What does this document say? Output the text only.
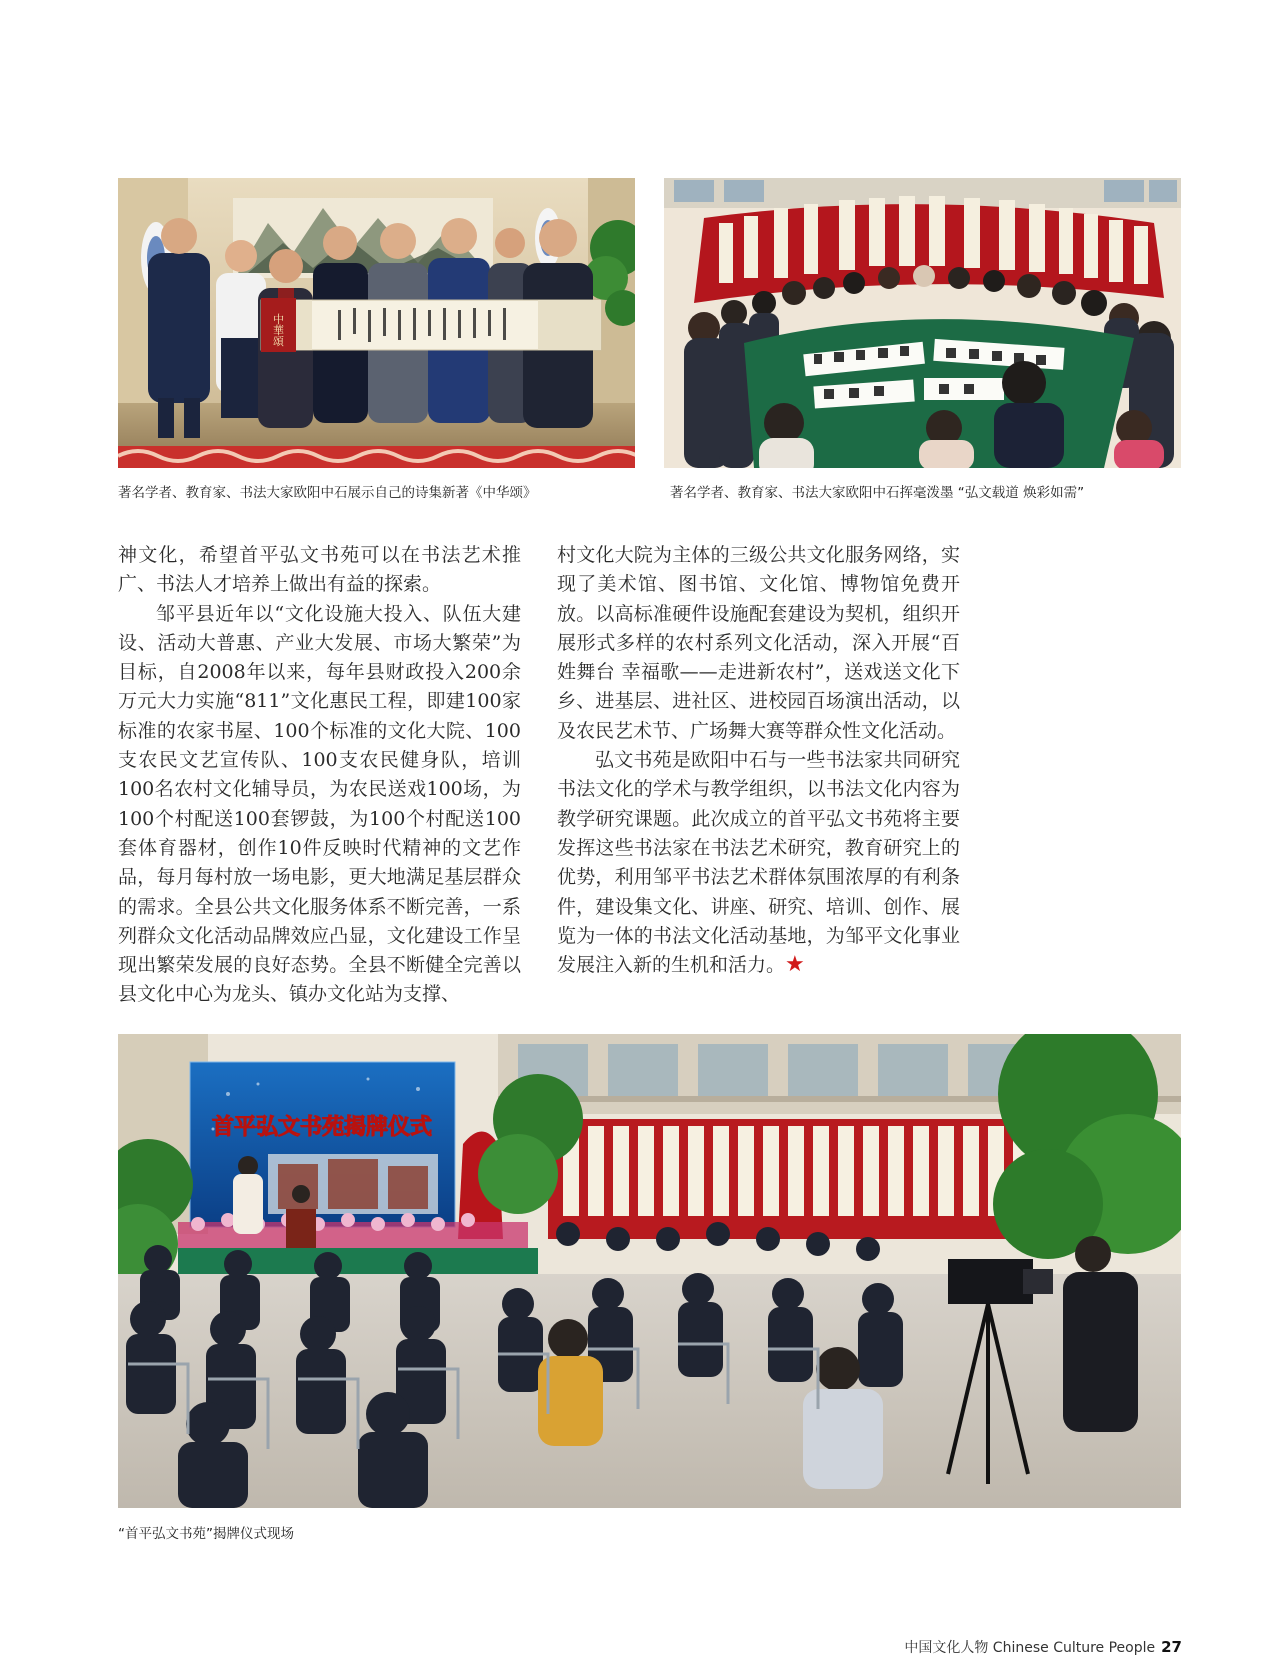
中華頌
著名学者、教育家、书法大家欧阳中石展示自己的诗集新著《中华颂》	著名学者、教育家、书法大家欧阳中石挥毫泼墨 “弘文载道 焕彩如需”

神文化，希望首平弘文书苑可以在书法艺术推广、书法人才培养上做出有益的探索。

邹平县近年以“文化设施大投入、队伍大建设、活动大普惠、产业大发展、市场大繁荣”为目标，自2008年以来，每年县财政投入200余万元大力实施“811”文化惠民工程，即建100家标准的农家书屋、100个标准的文化大院、100支农民文艺宣传队、100支农民健身队，培训100名农村文化辅导员，为农民送戏100场，为100个村配送100套锣鼓，为100个村配送100套体育器材，创作10件反映时代精神的文艺作品，每月每村放一场电影，更大地满足基层群众的需求。全县公共文化服务体系不断完善，一系列群众文化活动品牌效应凸显，文化建设工作呈现出繁荣发展的良好态势。全县不断健全完善以县文化中心为龙头、镇办文化站为支撑、

村文化大院为主体的三级公共文化服务网络，实现了美术馆、图书馆、文化馆、博物馆免费开放。以高标准硬件设施配套建设为契机，组织开展形式多样的农村系列文化活动，深入开展“百姓舞台 幸福歌——走进新农村”，送戏送文化下乡、进基层、进社区、进校园百场演出活动，以及农民艺术节、广场舞大赛等群众性文化活动。

弘文书苑是欧阳中石与一些书法家共同研究书法文化的学术与教学组织，以书法文化内容为教学研究课题。此次成立的首平弘文书苑将主要发挥这些书法家在书法艺术研究，教育研究上的优势，利用邹平书法艺术群体氛围浓厚的有利条件，建设集文化、讲座、研究、培训、创作、展览为一体的书法文化活动基地，为邹平文化事业发展注入新的生机和活力。★

首平弘文书苑揭牌仪式
“首平弘文书苑”揭牌仪式现场
中国文化人物 Chinese Culture People 27
